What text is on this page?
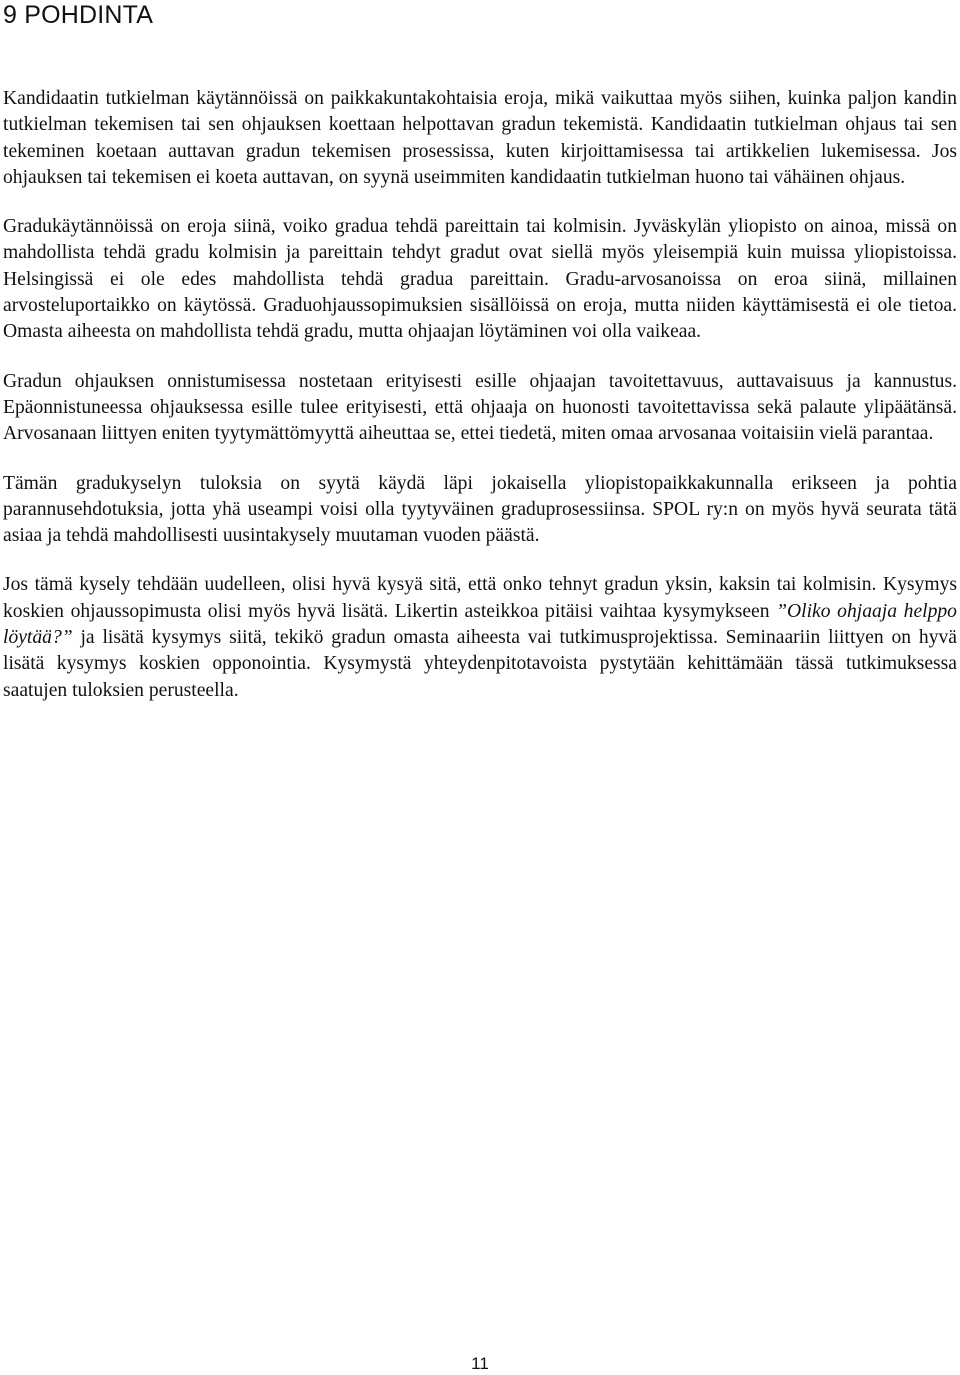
9 POHDINTA

Kandidaatin tutkielman käytännöissä on paikkakuntakohtaisia eroja, mikä vaikuttaa myös siihen, kuinka paljon kandin tutkielman tekemisen tai sen ohjauksen koettaan helpottavan gradun tekemistä. Kandidaatin tutkielman ohjaus tai sen tekeminen koetaan auttavan gradun tekemisen prosessissa, kuten kirjoittamisessa tai artikkelien lukemisessa. Jos ohjauksen tai tekemisen ei koeta auttavan, on syynä useimmiten kandidaatin tutkielman huono tai vähäinen ohjaus.

Gradukäytännöissä on eroja siinä, voiko gradua tehdä pareittain tai kolmisin. Jyväskylän yliopisto on ainoa, missä on mahdollista tehdä gradu kolmisin ja pareittain tehdyt gradut ovat siellä myös yleisempiä kuin muissa yliopistoissa. Helsingissä ei ole edes mahdollista tehdä gradua pareittain. Gradu-arvosanoissa on eroa siinä, millainen arvosteluportaikko on käytössä. Graduohjaussopimuksien sisällöissä on eroja, mutta niiden käyttämisestä ei ole tietoa. Omasta aiheesta on mahdollista tehdä gradu, mutta ohjaajan löytäminen voi olla vaikeaa.

Gradun ohjauksen onnistumisessa nostetaan erityisesti esille ohjaajan tavoitettavuus, auttavaisuus ja kannustus. Epäonnistuneessa ohjauksessa esille tulee erityisesti, että ohjaaja on huonosti tavoitettavissa sekä palaute ylipäätänsä. Arvosanaan liittyen eniten tyytymättömyyttä aiheuttaa se, ettei tiedetä, miten omaa arvosanaa voitaisiin vielä parantaa.

Tämän gradukyselyn tuloksia on syytä käydä läpi jokaisella yliopistopaikkakunnalla erikseen ja pohtia parannusehdotuksia, jotta yhä useampi voisi olla tyytyväinen graduprosessiinsa. SPOL ry:n on myös hyvä seurata tätä asiaa ja tehdä mahdollisesti uusintakysely muutaman vuoden päästä.

Jos tämä kysely tehdään uudelleen, olisi hyvä kysyä sitä, että onko tehnyt gradun yksin, kaksin tai kolmisin. Kysymys koskien ohjaussopimusta olisi myös hyvä lisätä. Likertin asteikkoa pitäisi vaihtaa kysymykseen ”Oliko ohjaaja helppo löytää?” ja lisätä kysymys siitä, tekikö gradun omasta aiheesta vai tutkimusprojektissa. Seminaariin liittyen on hyvä lisätä kysymys koskien opponointia. Kysymystä yhteydenpitotavoista pystytään kehittämään tässä tutkimuksessa saatujen tuloksien perusteella.

11
